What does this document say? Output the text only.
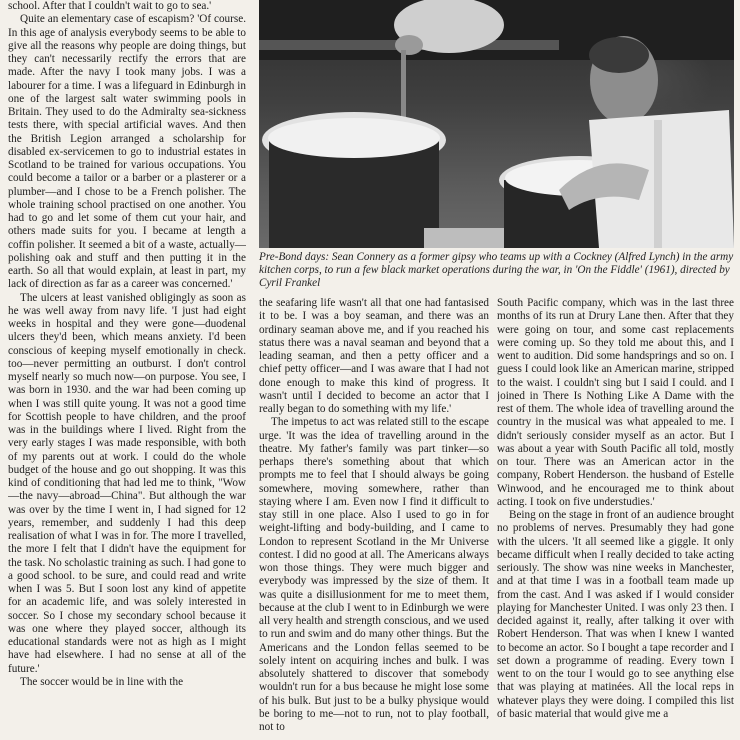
school. After that I couldn't wait to go to sea.'

Quite an elementary case of escapism? 'Of course. In this age of analysis everybody seems to be able to give all the reasons why people are doing things, but they can't necessarily rectify the errors that are made. After the navy I took many jobs. I was a labourer for a time. I was a lifeguard in Edinburgh in one of the largest salt water swimming pools in Britain. They used to do the Admiralty sea-sickness tests there, with special artificial waves. And then the British Legion arranged a scholarship for disabled ex-servicemen to go to industrial estates in Scotland to be trained for various occupations. You could become a tailor or a barber or a plasterer or a plumber—and I chose to be a French polisher. The whole training school practised on one another. You had to go and let some of them cut your hair, and others made suits for you. I became at length a coffin polisher. It seemed a bit of a waste, actually—polishing oak and stuff and then putting it in the earth. So all that would explain, at least in part, my lack of direction as far as a career was concerned.'

The ulcers at least vanished obligingly as soon as he was well away from navy life. 'I just had eight weeks in hospital and they were gone—duodenal ulcers they'd been, which means anxiety. I'd been conscious of keeping myself emotionally in check. too—never permitting an outburst. I don't control myself nearly so much now—on purpose. You see, I was born in 1930. and the war had been coming up when I was still quite young. It was not a good time for Scottish people to have children, and the proof was in the buildings where I lived. Right from the very early stages I was made responsible, with both of my parents out at work. I could do the whole budget of the house and go out shopping. It was this kind of conditioning that had led me to think, "Wow—the navy—abroad—China". But although the war was over by the time I went in, I had signed for 12 years, remember, and suddenly I had this deep realisation of what I was in for. The more I travelled, the more I felt that I didn't have the equipment for the task. No scholastic training as such. I had gone to a good school. to be sure, and could read and write when I was 5. But I soon lost any kind of appetite for an academic life, and was solely interested in soccer. So I chose my secondary school because it was one where they played soccer, although its educational standards were not as high as I might have had elsewhere. I had no sense at all of the future.'

The soccer would be in line with the

Pre-Bond days: Sean Connery as a former gipsy who teams up with a Cockney (Alfred Lynch) in the army kitchen corps, to run a few black market operations during the war, in 'On the Fiddle' (1961), directed by Cyril Frankel

the seafaring life wasn't all that one had fantasised it to be. I was a boy seaman, and there was an ordinary seaman above me, and if you reached his status there was a naval seaman and beyond that a leading seaman, and then a petty officer and a chief petty officer—and I was aware that I had not done enough to make this kind of progress. It wasn't until I decided to become an actor that I really began to do something with my life.'

The impetus to act was related still to the escape urge. 'It was the idea of travelling around in the theatre. My father's family was part tinker—so perhaps there's something about that which prompts me to feel that I should always be going somewhere, moving somewhere, rather than staying where I am. Even now I find it difficult to stay still in one place. Also I used to go in for weight-lifting and body-building, and I came to London to represent Scotland in the Mr Universe contest. I did no good at all. The Americans always won those things. They were much bigger and everybody was impressed by the size of them. It was quite a disillusionment for me to meet them, because at the club I went to in Edinburgh we were all very health and strength conscious, and we used to run and swim and do many other things. But the Americans and the London fellas seemed to be solely intent on acquiring inches and bulk. I was absolutely shattered to discover that somebody wouldn't run for a bus because he might lose some of his bulk. But just to be a bulky physique would be boring to me—not to run, not to play football, not to

South Pacific company, which was in the last three months of its run at Drury Lane then. After that they were going on tour, and some cast replacements were coming up. So they told me about this, and I went to audition. Did some handsprings and so on. I guess I could look like an American marine, stripped to the waist. I couldn't sing but I said I could. and I joined in There Is Nothing Like A Dame with the rest of them. The whole idea of travelling around the country in the musical was what appealed to me. I didn't seriously consider myself as an actor. But I was about a year with South Pacific all told, mostly on tour. There was an American actor in the company, Robert Henderson. the husband of Estelle Winwood, and he encouraged me to think about acting. I took on five understudies.'

Being on the stage in front of an audience brought no problems of nerves. Presumably they had gone with the ulcers. 'It all seemed like a giggle. It only became difficult when I really decided to take acting seriously. The show was nine weeks in Manchester, and at that time I was in a football team made up from the cast. And I was asked if I would consider playing for Manchester United. I was only 23 then. I decided against it, really, after talking it over with Robert Henderson. That was when I knew I wanted to become an actor. So I bought a tape recorder and I set down a programme of reading. Every town I went to on the tour I would go to see anything else that was playing at matinées. All the local reps in whatever plays they were doing. I compiled this list of basic material that would give me a
